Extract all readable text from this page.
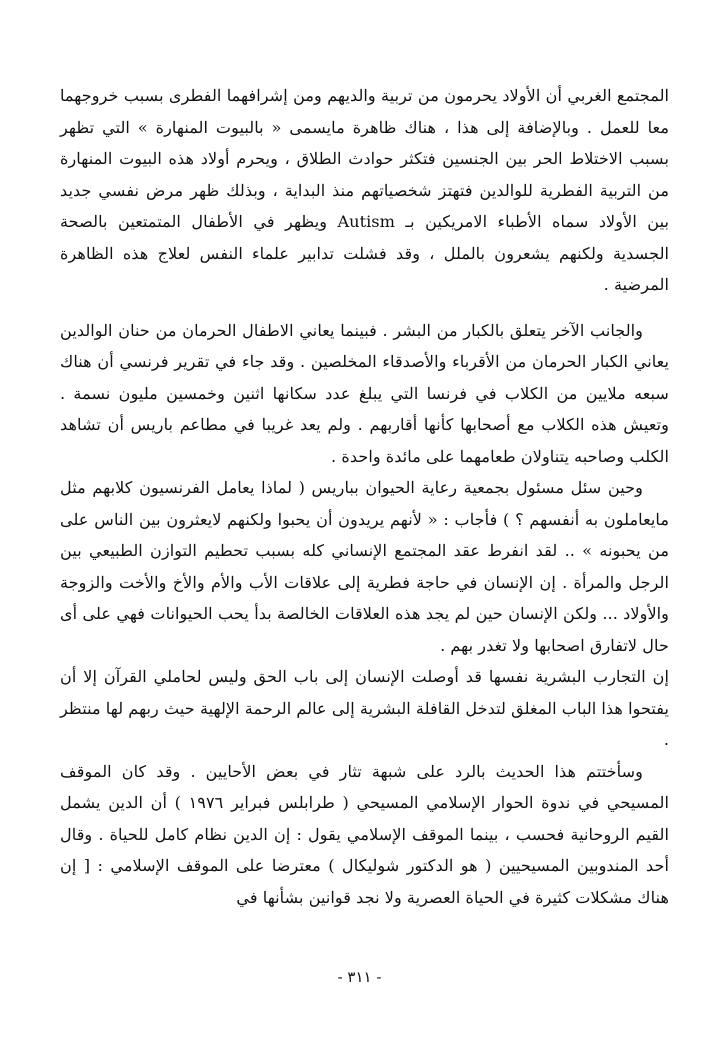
المجتمع الغربي أن الأولاد يحرمون من تربية والديهم ومن إشرافهما الفطرى بسبب خروجهما معا للعمل . وبالإضافة إلى هذا ، هناك ظاهرة مايسمى « بالبيوت المنهارة » التي تظهر بسبب الاختلاط الحر بين الجنسين فتكثر حوادث الطلاق ، ويحرم أولاد هذه البيوت المنهارة من التربية الفطرية للوالدين فتهتز شخصياتهم منذ البداية ، وبذلك ظهر مرض نفسي جديد بين الأولاد سماه الأطباء الامريكين بـ Autism ويظهر في الأطفال المتمتعين بالصحة الجسدية ولكنهم يشعرون بالملل ، وقد فشلت تدابير علماء النفس لعلاج هذه الظاهرة المرضية .

والجانب الآخر يتعلق بالكبار من البشر . فبينما يعاني الاطفال الحرمان من حنان الوالدين يعاني الكبار الحرمان من الأقرباء والأصدقاء المخلصين . وقد جاء في تقرير فرنسي أن هناك سبعه ملايين من الكلاب في فرنسا التي يبلغ عدد سكانها اثنين وخمسين مليون نسمة . وتعيش هذه الكلاب مع أصحابها كأنها أقاربهم . ولم يعد غريبا في مطاعم باريس أن تشاهد الكلب وصاحبه يتناولان طعامهما على مائدة واحدة .

وحين سئل مسئول بجمعية رعاية الحيوان بباريس ( لماذا يعامل الفرنسيون كلابهم مثل مايعاملون به أنفسهم ؟ ) فأجاب : « لأنهم يريدون أن يحبوا ولكنهم لايعثرون بين الناس على من يحبونه » .. لقد انفرط عقد المجتمع الإنساني كله بسبب تحطيم التوازن الطبيعي بين الرجل والمرأة . إن الإنسان في حاجة فطرية إلى علاقات الأب والأم والأخ والأخت والزوجة والأولاد ... ولكن الإنسان حين لم يجد هذه العلاقات الخالصة بدأ يحب الحيوانات فهي على أى حال لاتفارق اصحابها ولا تغدر بهم .

إن التجارب البشرية نفسها قد أوصلت الإنسان إلى باب الحق وليس لحاملي القرآن إلا أن يفتحوا هذا الباب المغلق لتدخل القافلة البشرية إلى عالم الرحمة الإلهية حيث ربهم لها منتظر .

وسأختتم هذا الحديث بالرد على شبهة تثار في بعض الأحايين . وقد كان الموقف المسيحي في ندوة الحوار الإسلامي المسيحي ( طرابلس فبراير ١٩٧٦ ) أن الدين يشمل القيم الروحانية فحسب ، بينما الموقف الإسلامي يقول : إن الدين نظام كامل للحياة . وقال أحد المندوبين المسيحيين ( هو الدكتور شوليكال ) معترضا على الموقف الإسلامي : [ إن هناك مشكلات كثيرة في الحياة العصرية ولا نجد قوانين بشأنها في

- ٣١١ -
